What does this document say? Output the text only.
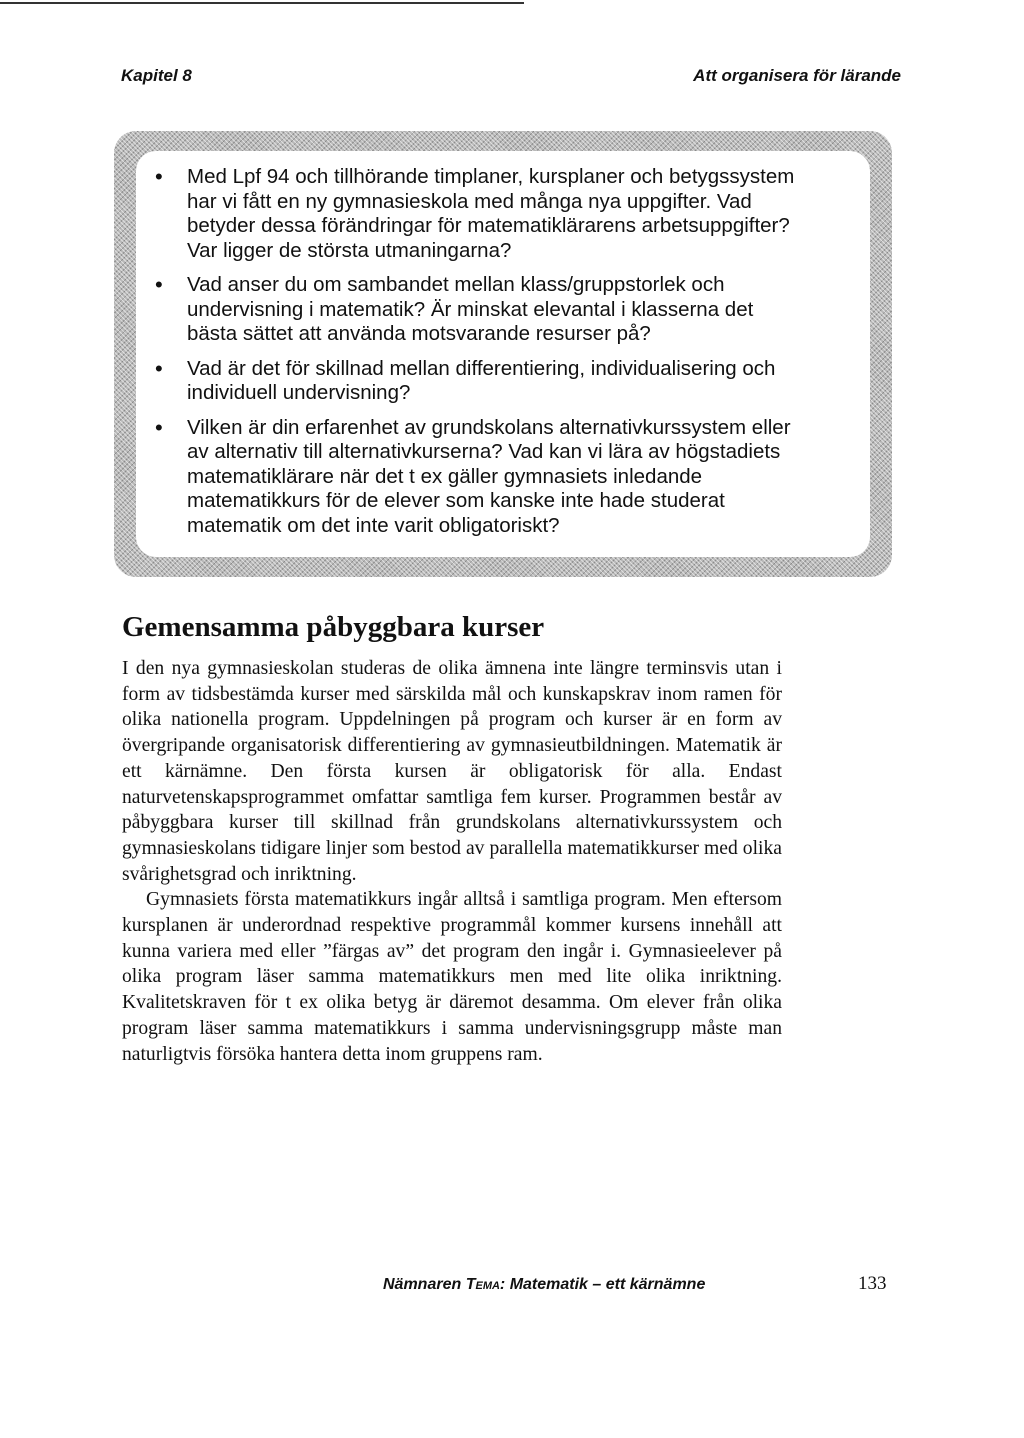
Kapitel 8	Att organisera för lärande
• Med Lpf 94 och tillhörande timplaner, kursplaner och betygssystem har vi fått en ny gymnasieskola med många nya uppgifter. Vad betyder dessa förändringar för matematiklärarens arbetsuppgifter? Var ligger de största utmaningarna?
• Vad anser du om sambandet mellan klass/gruppstorlek och undervisning i matematik? Är minskat elevantal i klasserna det bästa sättet att använda motsvarande resurser på?
• Vad är det för skillnad mellan differentiering, individualisering och individuell undervisning?
• Vilken är din erfarenhet av grundskolans alternativkurssystem eller av alternativ till alternativkurserna? Vad kan vi lära av högstadiets matematiklärare när det t ex gäller gymnasiets inledande matematikkurs för de elever som kanske inte hade studerat matematik om det inte varit obligatoriskt?
Gemensamma påbyggbara kurser

I den nya gymnasieskolan studeras de olika ämnena inte längre terminsvis utan i form av tidsbestämda kurser med särskilda mål och kunskapskrav inom ramen för olika nationella program. Uppdelningen på program och kurser är en form av övergripande organisatorisk differentiering av gymnasieutbildningen. Matematik är ett kärnämne. Den första kursen är obligatorisk för alla. Endast naturvetenskapsprogrammet omfattar samtliga fem kurser. Programmen består av påbyggbara kurser till skillnad från grundskolans alternativkurssystem och gymnasieskolans tidigare linjer som bestod av parallella matematikkurser med olika svårighetsgrad och inriktning.

Gymnasiets första matematikkurs ingår alltså i samtliga program. Men eftersom kursplanen är underordnad respektive programmål kommer kursens innehåll att kunna variera med eller ”färgas av” det program den ingår i. Gymnasieelever på olika program läser samma matematikkurs men med lite olika inriktning. Kvalitetskraven för t ex olika betyg är däremot desamma. Om elever från olika program läser samma matematikkurs i samma undervisningsgrupp måste man naturligtvis försöka hantera detta inom gruppens ram.

Nämnaren Tema: Matematik – ett kärnämne	133
